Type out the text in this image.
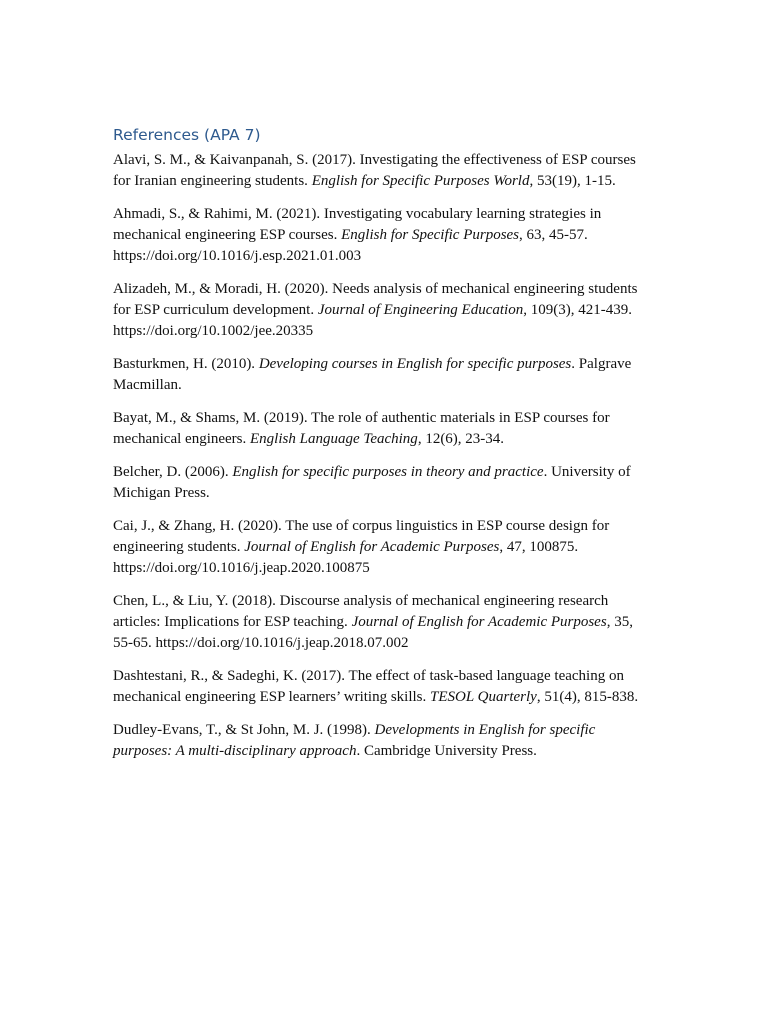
References (APA 7)

Alavi, S. M., & Kaivanpanah, S. (2017). Investigating the effectiveness of ESP courses for Iranian engineering students. English for Specific Purposes World, 53(19), 1-15.

Ahmadi, S., & Rahimi, M. (2021). Investigating vocabulary learning strategies in mechanical engineering ESP courses. English for Specific Purposes, 63, 45-57. https://doi.org/10.1016/j.esp.2021.01.003

Alizadeh, M., & Moradi, H. (2020). Needs analysis of mechanical engineering students for ESP curriculum development. Journal of Engineering Education, 109(3), 421-439. https://doi.org/10.1002/jee.20335

Basturkmen, H. (2010). Developing courses in English for specific purposes. Palgrave Macmillan.

Bayat, M., & Shams, M. (2019). The role of authentic materials in ESP courses for mechanical engineers. English Language Teaching, 12(6), 23-34.

Belcher, D. (2006). English for specific purposes in theory and practice. University of Michigan Press.

Cai, J., & Zhang, H. (2020). The use of corpus linguistics in ESP course design for engineering students. Journal of English for Academic Purposes, 47, 100875. https://doi.org/10.1016/j.jeap.2020.100875

Chen, L., & Liu, Y. (2018). Discourse analysis of mechanical engineering research articles: Implications for ESP teaching. Journal of English for Academic Purposes, 35, 55-65. https://doi.org/10.1016/j.jeap.2018.07.002

Dashtestani, R., & Sadeghi, K. (2017). The effect of task-based language teaching on mechanical engineering ESP learners’ writing skills. TESOL Quarterly, 51(4), 815-838.

Dudley-Evans, T., & St John, M. J. (1998). Developments in English for specific purposes: A multi-disciplinary approach. Cambridge University Press.
